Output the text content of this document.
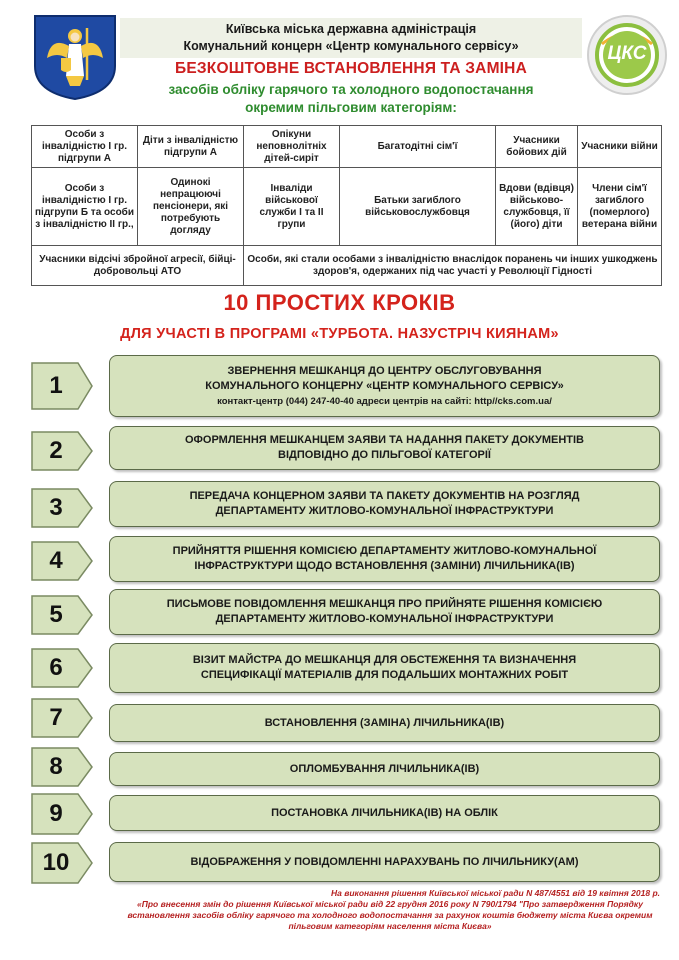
Київська міська державна адміністрація
Комунальний концерн «Центр комунального сервісу»	ЦКС
БЕЗКОШТОВНЕ ВСТАНОВЛЕННЯ ТА ЗАМІНА
засобів обліку гарячого та холодного водопостачання
окремим пільговим категоріям:
Особи з інвалідністю I гр. підгрупи А	Діти з інвалідністю підгрупи А	Опікуни неповнолітніх дітей-сиріт	Багатодітні сім'ї	Учасники бойових дій	Учасники війни
Особи з інвалідністю I гр. підгрупи Б та особи з інвалідністю II гр.,	Одинокі непрацюючі пенсіонери, які потребують догляду	Інваліди військової служби I та II групи	Батьки загиблого військовослужбовця	Вдови (вдівця) військово-службовця, її (його) діти	Члени сім'ї загиблого (померлого) ветерана війни
Учасники відсічі збройної агресії, бійці-добровольці АТО		Особи, які стали особами з інвалідністю внаслідок поранень чи інших ушкоджень здоров'я, одержаних під час участі у Революції Гідності			
10 ПРОСТИХ КРОКІВ
ДЛЯ УЧАСТІ В ПРОГРАМІ «ТУРБОТА. НАЗУСТРІЧ КИЯНАМ»
1
ЗВЕРНЕННЯ МЕШКАНЦЯ ДО ЦЕНТРУ ОБСЛУГОВУВАННЯ
КОМУНАЛЬНОГО КОНЦЕРНУ «ЦЕНТР КОМУНАЛЬНОГО СЕРВІСУ»
контакт-центр (044) 247-40-40 адреси центрів на сайті: http//cks.com.ua/
2	ОФОРМЛЕННЯ МЕШКАНЦЕМ ЗАЯВИ ТА НАДАННЯ ПАКЕТУ ДОКУМЕНТІВ
ВІДПОВІДНО ДО ПІЛЬГОВОЇ КАТЕГОРІЇ
3	ПЕРЕДАЧА КОНЦЕРНОМ ЗАЯВИ ТА ПАКЕТУ ДОКУМЕНТІВ НА РОЗГЛЯД
ДЕПАРТАМЕНТУ ЖИТЛОВО-КОМУНАЛЬНОЇ ІНФРАСТРУКТУРИ
4	ПРИЙНЯТТЯ РІШЕННЯ КОМІСІЄЮ ДЕПАРТАМЕНТУ ЖИТЛОВО-КОМУНАЛЬНОЇ
ІНФРАСТРУКТУРИ ЩОДО ВСТАНОВЛЕННЯ (ЗАМІНИ) ЛІЧИЛЬНИКА(ІВ)
5	ПИСЬМОВЕ ПОВІДОМЛЕННЯ МЕШКАНЦЯ ПРО ПРИЙНЯТЕ РІШЕННЯ КОМІСІЄЮ
ДЕПАРТАМЕНТУ ЖИТЛОВО-КОМУНАЛЬНОЇ ІНФРАСТРУКТУРИ
6	ВІЗИТ МАЙСТРА ДО МЕШКАНЦЯ ДЛЯ ОБСТЕЖЕННЯ ТА ВИЗНАЧЕННЯ
СПЕЦИФІКАЦІЇ МАТЕРІАЛІВ ДЛЯ ПОДАЛЬШИХ МОНТАЖНИХ РОБІТ
7	ВСТАНОВЛЕННЯ (ЗАМІНА) ЛІЧИЛЬНИКА(ІВ)
8	ОПЛОМБУВАННЯ ЛІЧИЛЬНИКА(ІВ)
9	ПОСТАНОВКА ЛІЧИЛЬНИКА(ІВ) НА ОБЛІК
10	ВІДОБРАЖЕННЯ У ПОВІДОМЛЕННІ НАРАХУВАНЬ ПО ЛІЧИЛЬНИКУ(АМ)
На виконання рішення Київської міської ради N 487/4551 від 19 квітня 2018 р.
«Про внесення змін до рішення Київської міської ради від 22 грудня 2016 року N 790/1794 "Про затвердження Порядку встановлення засобів обліку гарячого та холодного водопостачання за рахунок коштів бюджету міста Києва окремим пільговим категоріям населення міста Києва»
